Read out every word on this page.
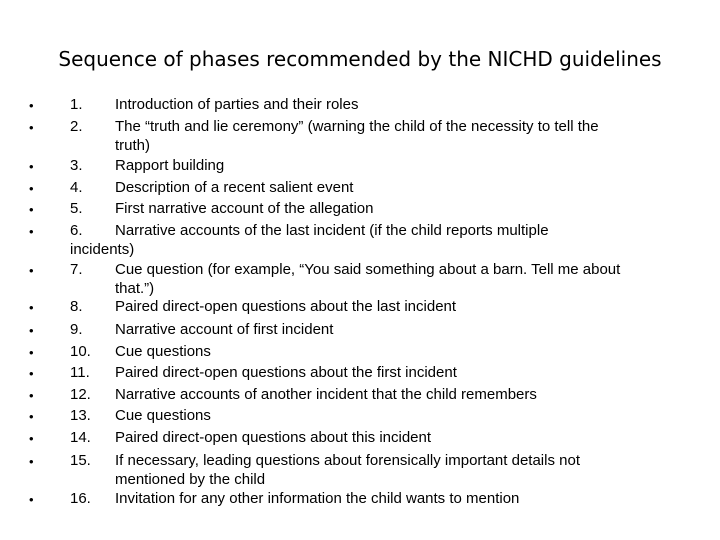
Sequence of phases recommended by the NICHD guidelines
• 1. Introduction of parties and their roles
• 2. The “truth and lie ceremony” (warning the child of the necessity to tell the
truth)
• 3. Rapport building
• 4. Description of a recent salient event
• 5. First narrative account of the allegation
• 6. Narrative accounts of the last incident (if the child reports multiple
incidents)
• 7. Cue question (for example, “You said something about a barn. Tell me about
that.”)
• 8. Paired direct-open questions about the last incident
• 9. Narrative account of first incident
• 10. Cue questions
• 11. Paired direct-open questions about the first incident
• 12. Narrative accounts of another incident that the child remembers
• 13. Cue questions
• 14. Paired direct-open questions about this incident
• 15. If necessary, leading questions about forensically important details not
mentioned by the child
• 16. Invitation for any other information the child wants to mention
